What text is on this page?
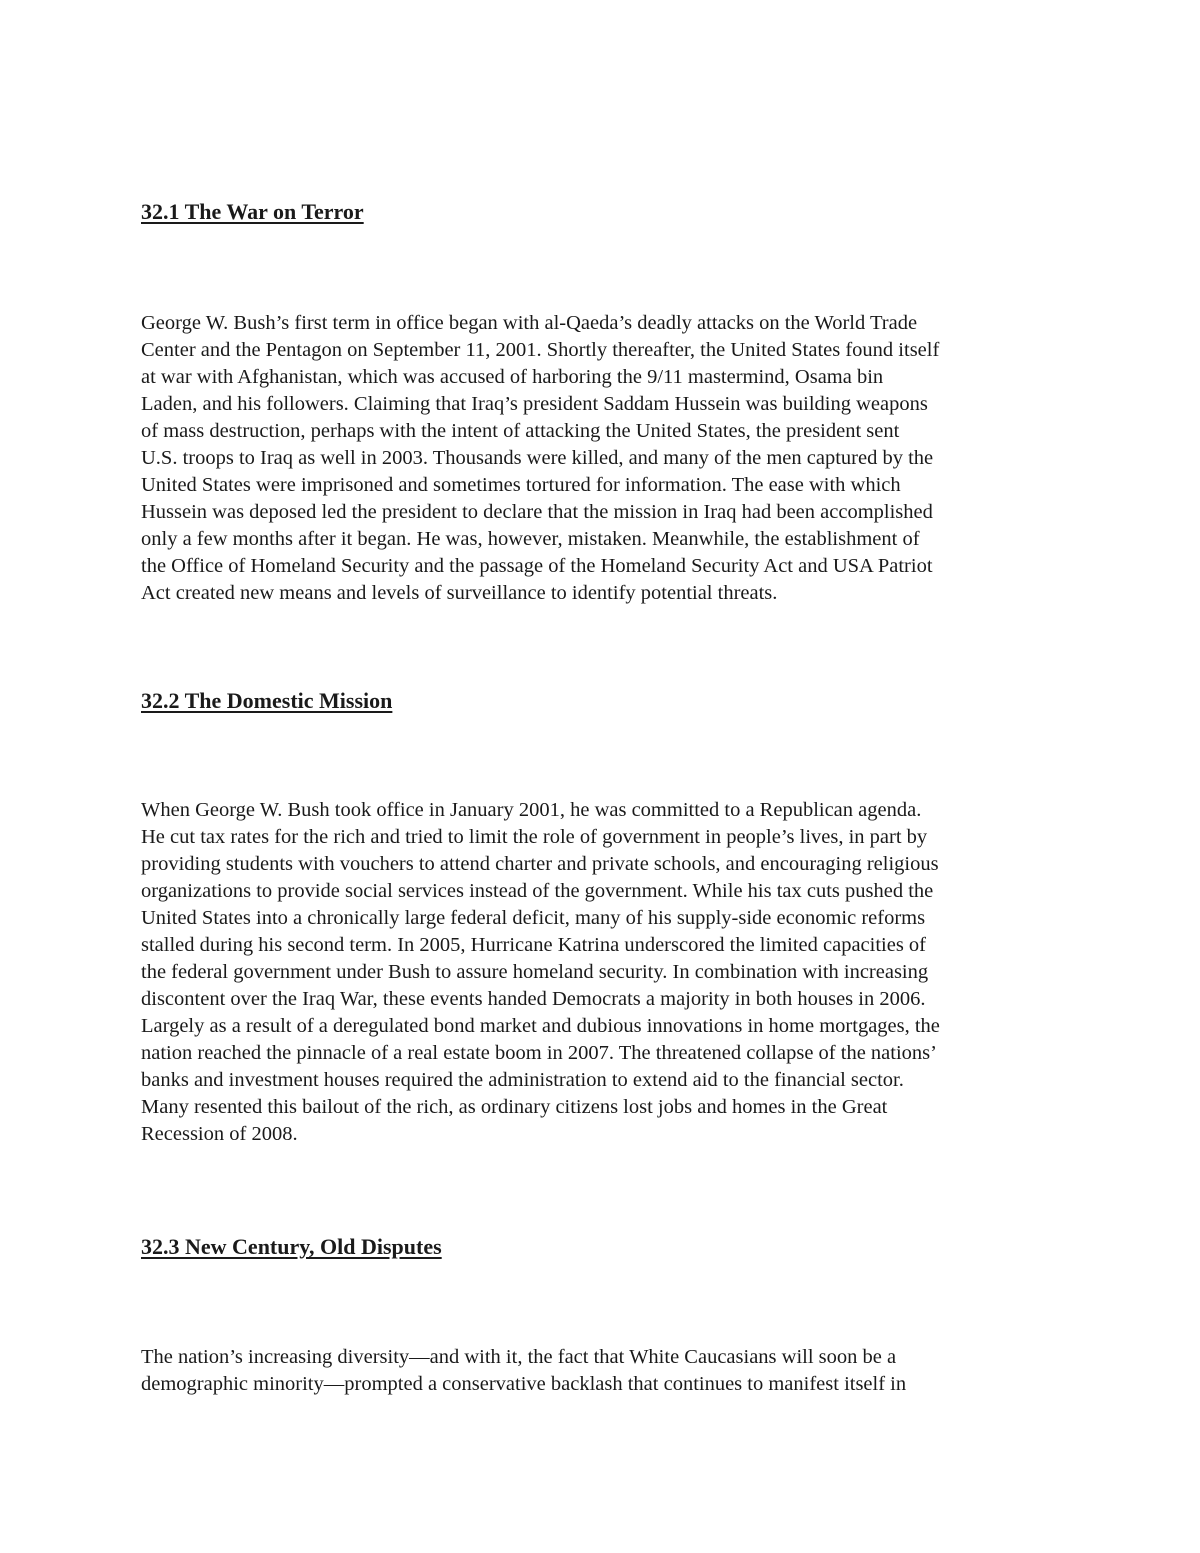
32.1 The War on Terror

George W. Bush’s first term in office began with al-Qaeda’s deadly attacks on the World Trade
Center and the Pentagon on September 11, 2001. Shortly thereafter, the United States found itself
at war with Afghanistan, which was accused of harboring the 9/11 mastermind, Osama bin
Laden, and his followers. Claiming that Iraq’s president Saddam Hussein was building weapons
of mass destruction, perhaps with the intent of attacking the United States, the president sent
U.S. troops to Iraq as well in 2003. Thousands were killed, and many of the men captured by the
United States were imprisoned and sometimes tortured for information. The ease with which
Hussein was deposed led the president to declare that the mission in Iraq had been accomplished
only a few months after it began. He was, however, mistaken. Meanwhile, the establishment of
the Office of Homeland Security and the passage of the Homeland Security Act and USA Patriot
Act created new means and levels of surveillance to identify potential threats.

32.2 The Domestic Mission

When George W. Bush took office in January 2001, he was committed to a Republican agenda.
He cut tax rates for the rich and tried to limit the role of government in people’s lives, in part by
providing students with vouchers to attend charter and private schools, and encouraging religious
organizations to provide social services instead of the government. While his tax cuts pushed the
United States into a chronically large federal deficit, many of his supply-side economic reforms
stalled during his second term. In 2005, Hurricane Katrina underscored the limited capacities of
the federal government under Bush to assure homeland security. In combination with increasing
discontent over the Iraq War, these events handed Democrats a majority in both houses in 2006.
Largely as a result of a deregulated bond market and dubious innovations in home mortgages, the
nation reached the pinnacle of a real estate boom in 2007. The threatened collapse of the nations’
banks and investment houses required the administration to extend aid to the financial sector.
Many resented this bailout of the rich, as ordinary citizens lost jobs and homes in the Great
Recession of 2008.

32.3 New Century, Old Disputes

The nation’s increasing diversity—and with it, the fact that White Caucasians will soon be a
demographic minority—prompted a conservative backlash that continues to manifest itself in
